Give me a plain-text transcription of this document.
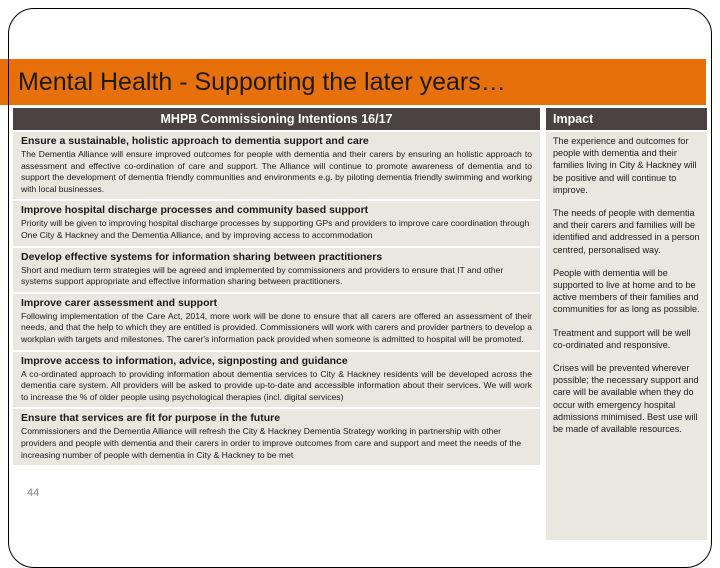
Mental Health - Supporting the later years…
MHPB Commissioning Intentions 16/17	Impact
Ensure a sustainable, holistic approach to dementia support and care
The Dementia Alliance will ensure improved outcomes for people with dementia and their carers by ensuring an holistic approach to assessment and effective co-ordination of care and support. The Alliance will continue to promote awareness of dementia and to support the development of dementia friendly communities and environments e.g. by piloting dementia friendly swimming and working with local businesses.
Improve hospital discharge processes and community based support
Priority will be given to improving hospital discharge processes by supporting GPs and providers to improve care coordination through One City & Hackney and the Dementia Alliance, and by improving access to accommodation
Develop effective systems for information sharing between practitioners
Short and medium term strategies will be agreed and implemented by commissioners and providers to ensure that IT and other systems support appropriate and effective information sharing between practitioners.
Improve carer assessment and support
Following implementation of the Care Act, 2014, more work will be done to ensure that all carers are offered an assessment of their needs, and that the help to which they are entitled is provided. Commissioners will work with carers and provider partners to develop a workplan with targets and milestones. The carer's information pack provided when someone is admitted to hospital will be promoted.
Improve access to information, advice, signposting and guidance
A co-ordinated approach to providing information about dementia services to City & Hackney residents will be developed across the dementia care system. All providers will be asked to provide up-to-date and accessible information about their services. We will work to increase the % of older people using psychological therapies (incl. digital services)
Ensure that services are fit for purpose in the future
Commissioners and the Dementia Alliance will refresh the City & Hackney Dementia Strategy working in partnership with other providers and people with dementia and their carers in order to improve outcomes from care and support and meet the needs of the increasing number of people with dementia in City & Hackney to be met

The experience and outcomes for people with dementia and their families living in City & Hackney will be positive and will continue to improve.

The needs of people with dementia and their carers and families will be identified and addressed in a person centred, personalised way.

People with dementia will be supported to live at home and to be active members of their families and communities for as long as possible.

Treatment and support will be well co-ordinated and responsive.

Crises will be prevented wherever possible; the necessary support and care will be available when they do occur with emergency hospital admissions minimised. Best use will be made of available resources.

44
